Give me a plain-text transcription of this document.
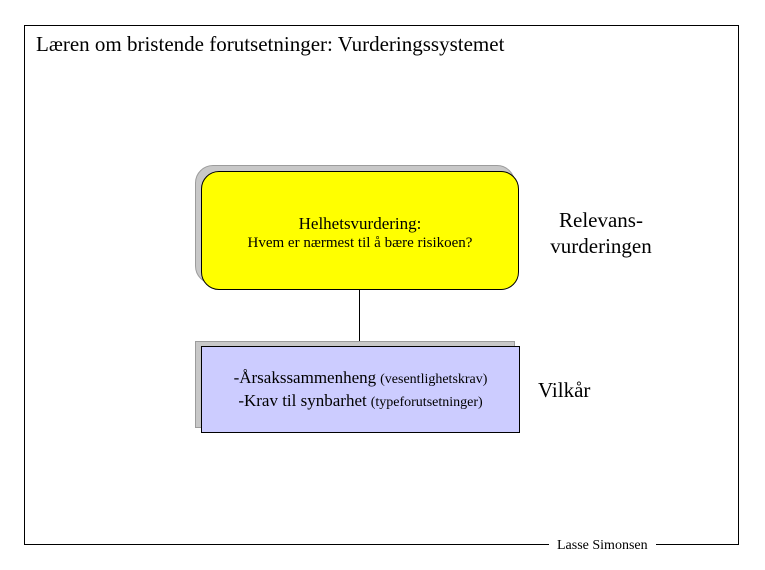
Læren om bristende forutsetninger: Vurderingssystemet
Helhetsvurdering:
Hvem er nærmest til å bære risikoen?
-Årsakssammenheng (vesentlighetskrav)
-Krav til synbarhet (typeforutsetninger)
Relevans-
vurderingen
Vilkår
Lasse Simonsen
